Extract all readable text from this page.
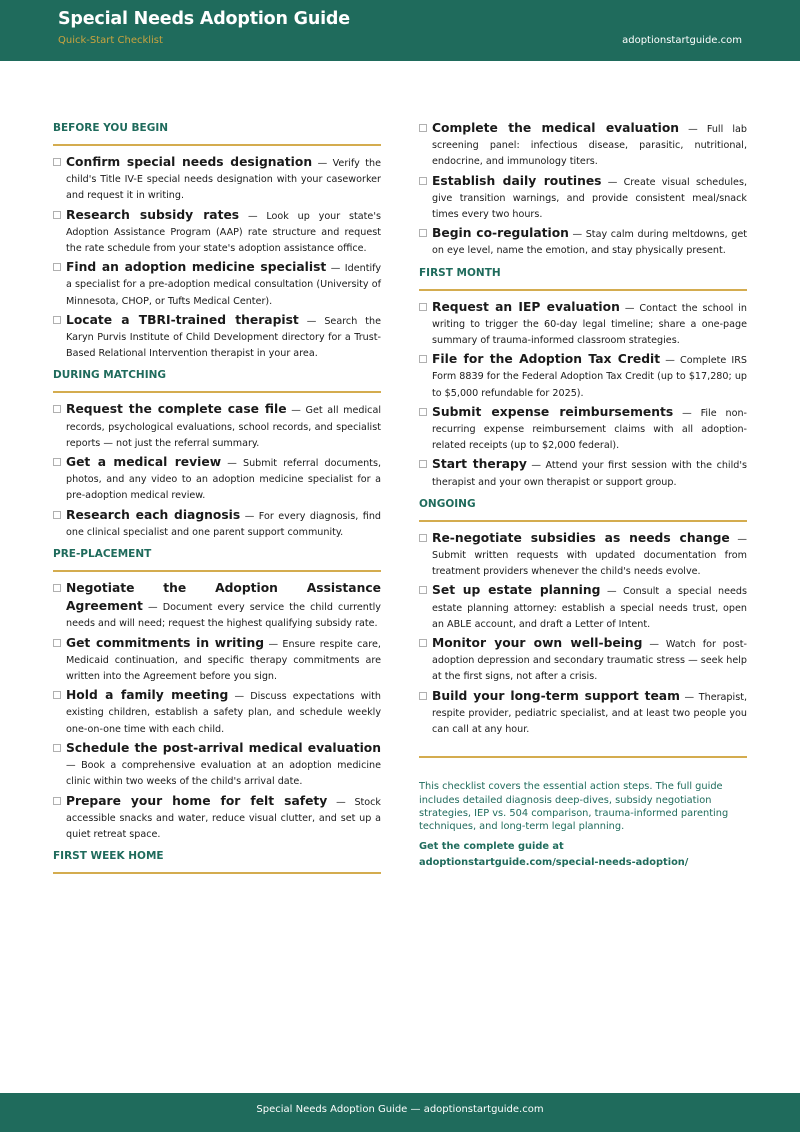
Special Needs Adoption Guide
Quick-Start Checklist	adoptionstartguide.com
BEFORE YOU BEGIN
Confirm special needs designation — Verify the child's Title IV-E special needs designation with your caseworker and request it in writing.
Research subsidy rates — Look up your state's Adoption Assistance Program (AAP) rate structure and request the rate schedule from your state's adoption assistance office.
Find an adoption medicine specialist — Identify a specialist for a pre-adoption medical consultation (University of Minnesota, CHOP, or Tufts Medical Center).
Locate a TBRI-trained therapist — Search the Karyn Purvis Institute of Child Development directory for a Trust-Based Relational Intervention therapist in your area.
DURING MATCHING
Request the complete case file — Get all medical records, psychological evaluations, school records, and specialist reports — not just the referral summary.
Get a medical review — Submit referral documents, photos, and any video to an adoption medicine specialist for a pre-adoption medical review.
Research each diagnosis — For every diagnosis, find one clinical specialist and one parent support community.
PRE-PLACEMENT
Negotiate the Adoption Assistance Agreement — Document every service the child currently needs and will need; request the highest qualifying subsidy rate.
Get commitments in writing — Ensure respite care, Medicaid continuation, and specific therapy commitments are written into the Agreement before you sign.
Hold a family meeting — Discuss expectations with existing children, establish a safety plan, and schedule weekly one-on-one time with each child.
Schedule the post-arrival medical evaluation — Book a comprehensive evaluation at an adoption medicine clinic within two weeks of the child's arrival date.
Prepare your home for felt safety — Stock accessible snacks and water, reduce visual clutter, and set up a quiet retreat space.
FIRST WEEK HOME
Complete the medical evaluation — Full lab screening panel: infectious disease, parasitic, nutritional, endocrine, and immunology titers.
Establish daily routines — Create visual schedules, give transition warnings, and provide consistent meal/snack times every two hours.
Begin co-regulation — Stay calm during meltdowns, get on eye level, name the emotion, and stay physically present.
FIRST MONTH
Request an IEP evaluation — Contact the school in writing to trigger the 60-day legal timeline; share a one-page summary of trauma-informed classroom strategies.
File for the Adoption Tax Credit — Complete IRS Form 8839 for the Federal Adoption Tax Credit (up to $17,280; up to $5,000 refundable for 2025).
Submit expense reimbursements — File non-recurring expense reimbursement claims with all adoption-related receipts (up to $2,000 federal).
Start therapy — Attend your first session with the child's therapist and your own therapist or support group.
ONGOING
Re-negotiate subsidies as needs change — Submit written requests with updated documentation from treatment providers whenever the child's needs evolve.
Set up estate planning — Consult a special needs estate planning attorney: establish a special needs trust, open an ABLE account, and draft a Letter of Intent.
Monitor your own well-being — Watch for post-adoption depression and secondary traumatic stress — seek help at the first signs, not after a crisis.
Build your long-term support team — Therapist, respite provider, pediatric specialist, and at least two people you can call at any hour.

This checklist covers the essential action steps. The full guide includes detailed diagnosis deep-dives, subsidy negotiation strategies, IEP vs. 504 comparison, trauma-informed parenting techniques, and long-term legal planning.

Get the complete guide at
adoptionstartguide.com/special-needs-adoption/
Special Needs Adoption Guide — adoptionstartguide.com
